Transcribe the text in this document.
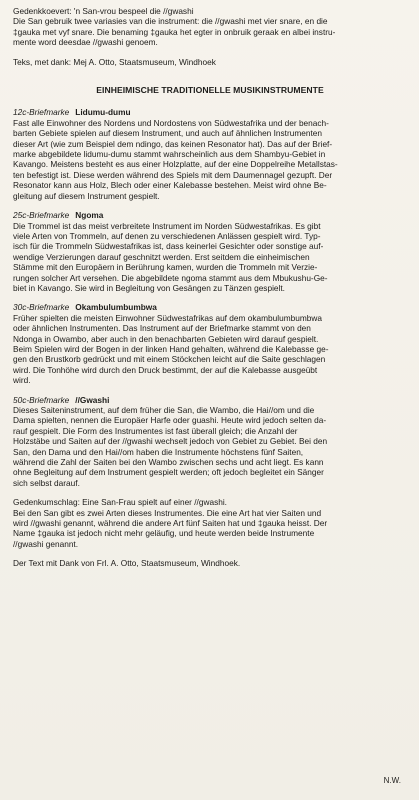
Gedenkkoevert: 'n San-vrou bespeel die //gwashi

Die San gebruik twee variasies van die instrument: die //gwashi met vier snare, en die

‡gauka met vyf snare. Die benaming ‡gauka het egter in onbruik geraak en albei instru-

mente word deesdae //gwashi genoem.

Teks, met dank: Mej A. Otto, Staatsmuseum, Windhoek

EINHEIMISCHE TRADITIONELLE MUSIKINSTRUMENTE

12c-Briefmarke Lidumu-dumu

Fast alle Einwohner des Nordens und Nordostens von Südwestafrika und der benach-

barten Gebiete spielen auf diesem Instrument, und auch auf ähnlichen Instrumenten

dieser Art (wie zum Beispiel dem ndingo, das keinen Resonator hat). Das auf der Brief-

marke abgebildete lidumu-dumu stammt wahrscheinlich aus dem Shambyu-Gebiet in

Kavango. Meistens besteht es aus einer Holzplatte, auf der eine Doppelreihe Metallstas-

ten befestigt ist. Diese werden während des Spiels mit dem Daumennagel gezupft. Der

Resonator kann aus Holz, Blech oder einer Kalebasse bestehen. Meist wird ohne Be-

gleitung auf diesem Instrument gespielt.

25c-Briefmarke Ngoma

Die Trommel ist das meist verbreitete Instrument im Norden Südwestafrikas. Es gibt

viele Arten von Trommeln, auf denen zu verschiedenen Anlässen gespielt wird. Typ-

isch für die Trommeln Südwestafrikas ist, dass keinerlei Gesichter oder sonstige auf-

wendige Verzierungen darauf geschnitzt werden. Erst seitdem die einheimischen

Stämme mit den Europäern in Berührung kamen, wurden die Trommeln mit Verzie-

rungen solcher Art versehen. Die abgebildete ngoma stammt aus dem Mbukushu-Ge-

biet in Kavango. Sie wird in Begleitung von Gesängen zu Tänzen gespielt.

30c-Briefmarke Okambulumbumbwa

Früher spielten die meisten Einwohner Südwestafrikas auf dem okambulumbumbwa

oder ähnlichen Instrumenten. Das Instrument auf der Briefmarke stammt von den

Ndonga in Owambo, aber auch in den benachbarten Gebieten wird darauf gespielt.

Beim Spielen wird der Bogen in der linken Hand gehalten, während die Kalebasse ge-

gen den Brustkorb gedrückt und mit einem Stöckchen leicht auf die Saite geschlagen

wird. Die Tonhöhe wird durch den Druck bestimmt, der auf die Kalebasse ausgeübt

wird.

50c-Briefmarke //Gwashi

Dieses Saiteninstrument, auf dem früher die San, die Wambo, die Hai//om und die

Dama spielten, nennen die Europäer Harfe oder guashi. Heute wird jedoch selten da-

rauf gespielt. Die Form des Instrumentes ist fast überall gleich; die Anzahl der

Holzstäbe und Saiten auf der //gwashi wechselt jedoch von Gebiet zu Gebiet. Bei den

San, den Dama und den Hai//om haben die Instrumente höchstens fünf Saiten,

während die Zahl der Saiten bei den Wambo zwischen sechs und acht liegt. Es kann

ohne Begleitung auf dem Instrument gespielt werden; oft jedoch begleitet ein Sänger

sich selbst darauf.

Gedenkumschlag: Eine San-Frau spielt auf einer //gwashi.

Bei den San gibt es zwei Arten dieses Instrumentes. Die eine Art hat vier Saiten und

wird //gwashi genannt, während die andere Art fünf Saiten hat und ‡gauka heisst. Der

Name ‡gauka ist jedoch nicht mehr geläufig, und heute werden beide Instrumente

//gwashi genannt.

Der Text mit Dank von Frl. A. Otto, Staatsmuseum, Windhoek.

N.W.
